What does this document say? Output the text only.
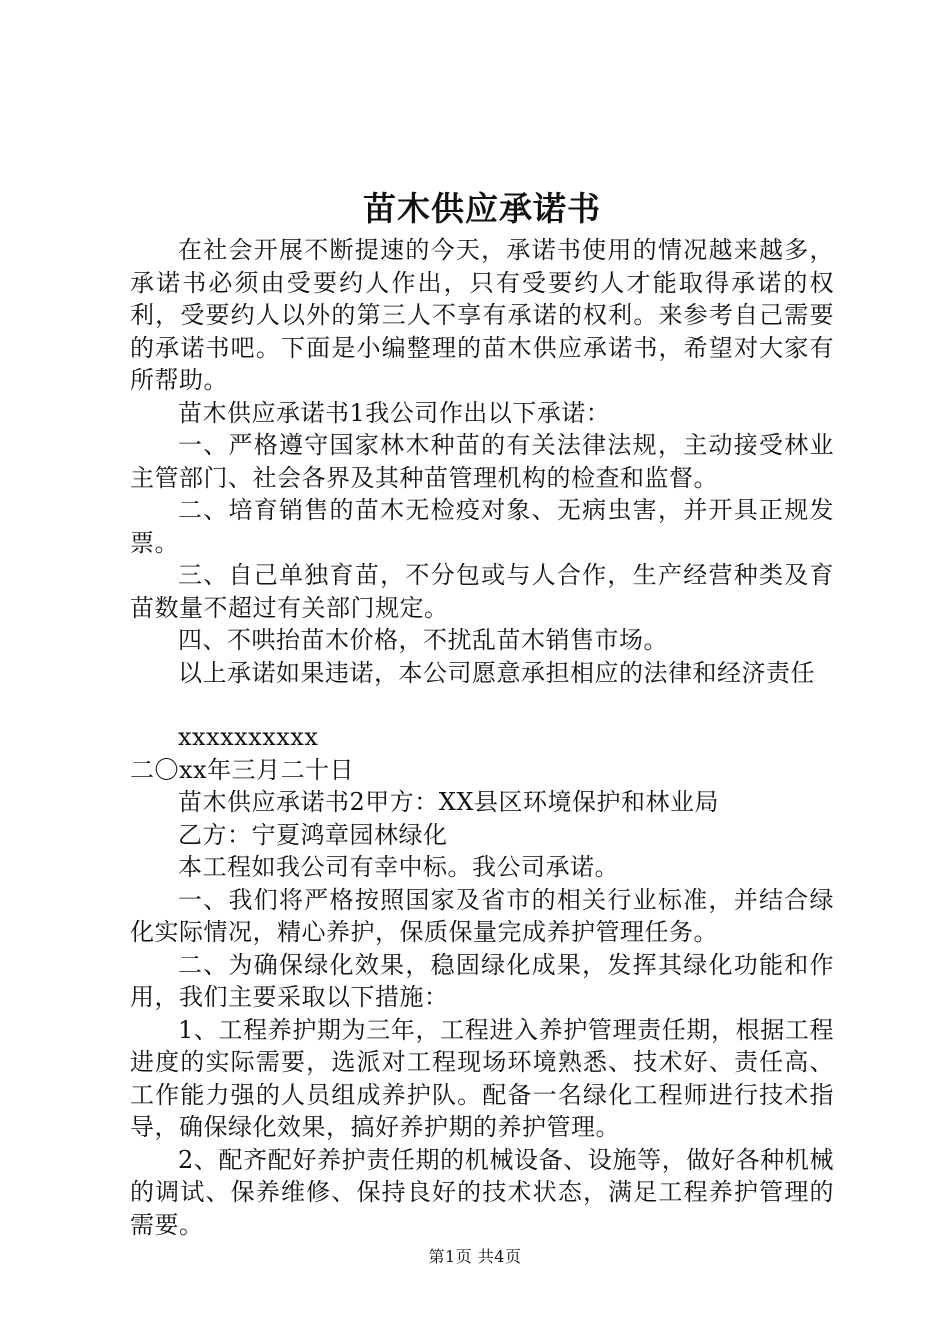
苗木供应承诺书

在社会开展不断提速的今天，承诺书使用的情况越来越多，承诺书必须由受要约人作出，只有受要约人才能取得承诺的权利，受要约人以外的第三人不享有承诺的权利。来参考自己需要的承诺书吧。下面是小编整理的苗木供应承诺书，希望对大家有所帮助。

苗木供应承诺书1我公司作出以下承诺：

一、严格遵守国家林木种苗的有关法律法规，主动接受林业主管部门、社会各界及其种苗管理机构的检查和监督。

二、培育销售的苗木无检疫对象、无病虫害，并开具正规发票。

三、自己单独育苗，不分包或与人合作，生产经营种类及育苗数量不超过有关部门规定。

四、不哄抬苗木价格，不扰乱苗木销售市场。

以上承诺如果违诺，本公司愿意承担相应的法律和经济责任

xxxxxxxxxx

二〇xx年三月二十日

苗木供应承诺书2甲方：XX县区环境保护和林业局

乙方：宁夏鸿章园林绿化

本工程如我公司有幸中标。我公司承诺。

一、我们将严格按照国家及省市的相关行业标准，并结合绿化实际情况，精心养护，保质保量完成养护管理任务。

二、为确保绿化效果，稳固绿化成果，发挥其绿化功能和作用，我们主要采取以下措施：

1、工程养护期为三年，工程进入养护管理责任期，根据工程进度的实际需要，选派对工程现场环境熟悉、技术好、责任高、工作能力强的人员组成养护队。配备一名绿化工程师进行技术指导，确保绿化效果，搞好养护期的养护管理。

2、配齐配好养护责任期的机械设备、设施等，做好各种机械的调试、保养维修、保持良好的技术状态，满足工程养护管理的需要。

第1页 共4页
